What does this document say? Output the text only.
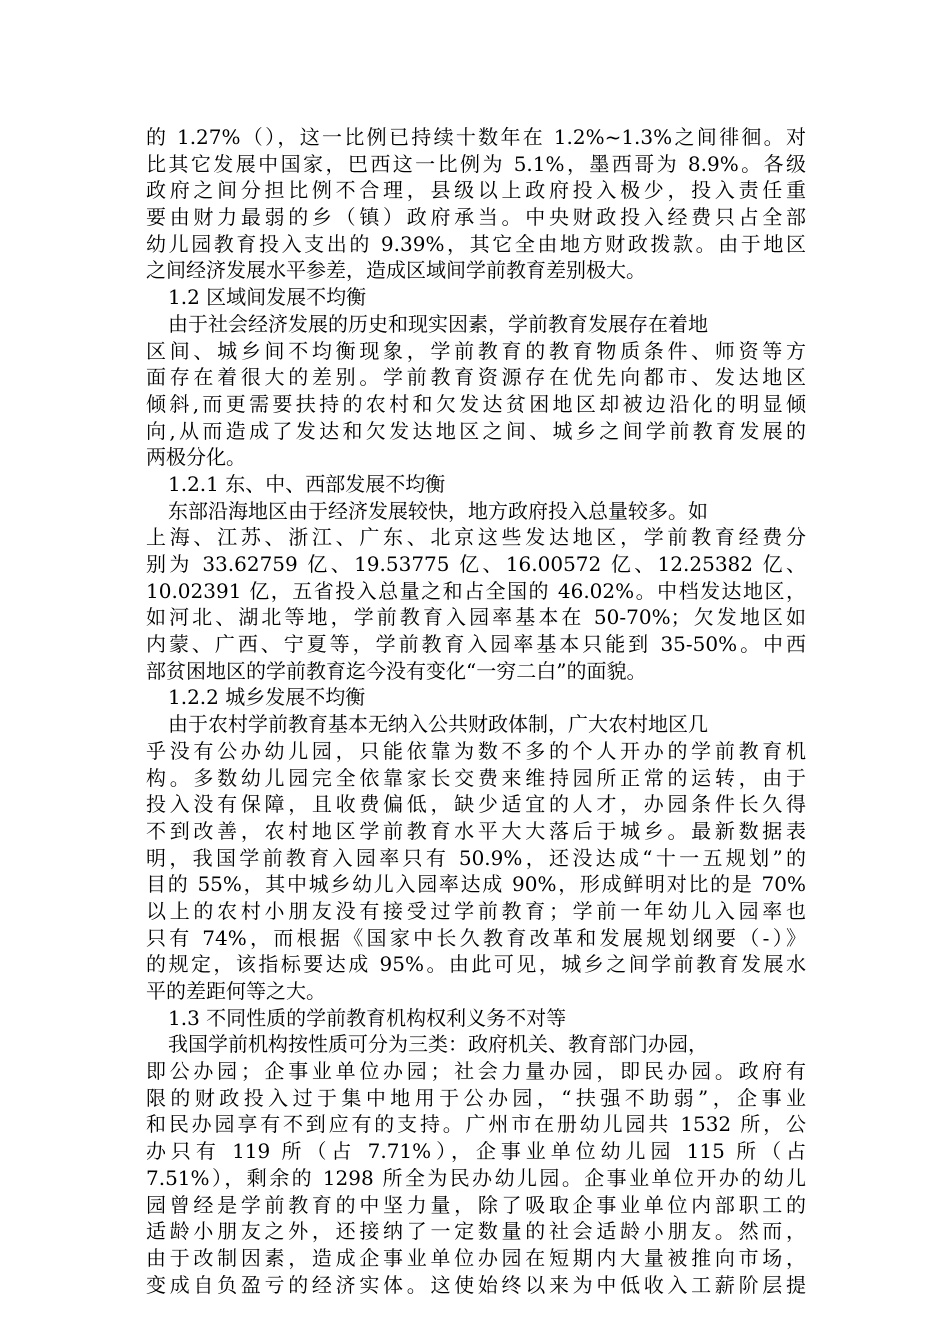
的 1.27%（），这一比例已持续十数年在 1.2%~1.3%之间徘徊。对
比其它发展中国家，巴西这一比例为 5.1%，墨西哥为 8.9%。各级
政府之间分担比例不合理，县级以上政府投入极少，投入责任重
要由财力最弱的乡（镇）政府承当。中央财政投入经费只占全部
幼儿园教育投入支出的 9.39%，其它全由地方财政拨款。由于地区
之间经济发展水平参差，造成区域间学前教育差别极大。
1.2 区域间发展不均衡
由于社会经济发展的历史和现实因素，学前教育发展存在着地
区间、城乡间不均衡现象，学前教育的教育物质条件、师资等方
面存在着很大的差别。学前教育资源存在优先向都市、发达地区
倾斜,而更需要扶持的农村和欠发达贫困地区却被边沿化的明显倾
向,从而造成了发达和欠发达地区之间、城乡之间学前教育发展的
两极分化。
1.2.1 东、中、西部发展不均衡
东部沿海地区由于经济发展较快，地方政府投入总量较多。如
上海、江苏、浙江、广东、北京这些发达地区，学前教育经费分
别为 33.62759 亿、19.53775 亿、16.00572 亿、12.25382 亿、
10.02391 亿，五省投入总量之和占全国的 46.02%。中档发达地区，
如河北、湖北等地，学前教育入园率基本在 50-70%；欠发地区如
内蒙、广西、宁夏等，学前教育入园率基本只能到 35-50%。中西
部贫困地区的学前教育迄今没有变化“一穷二白”的面貌。
1.2.2 城乡发展不均衡
由于农村学前教育基本无纳入公共财政体制，广大农村地区几
乎没有公办幼儿园，只能依靠为数不多的个人开办的学前教育机
构。多数幼儿园完全依靠家长交费来维持园所正常的运转，由于
投入没有保障，且收费偏低，缺少适宜的人才，办园条件长久得
不到改善，农村地区学前教育水平大大落后于城乡。最新数据表
明，我国学前教育入园率只有 50.9%，还没达成“十一五规划”的
目的 55%，其中城乡幼儿入园率达成 90%，形成鲜明对比的是 70%
以上的农村小朋友没有接受过学前教育；学前一年幼儿入园率也
只有 74%，而根据《国家中长久教育改革和发展规划纲要（-）》
的规定，该指标要达成 95%。由此可见，城乡之间学前教育发展水
平的差距何等之大。
1.3 不同性质的学前教育机构权利义务不对等
我国学前机构按性质可分为三类：政府机关、教育部门办园，
即公办园；企事业单位办园；社会力量办园，即民办园。政府有
限的财政投入过于集中地用于公办园，“扶强不助弱”，企事业
和民办园享有不到应有的支持。广州市在册幼儿园共 1532 所，公
办只有 119 所（占 7.71%），企事业单位幼儿园 115 所（占
7.51%），剩余的 1298 所全为民办幼儿园。企事业单位开办的幼儿
园曾经是学前教育的中坚力量，除了吸取企事业单位内部职工的
适龄小朋友之外，还接纳了一定数量的社会适龄小朋友。然而，
由于改制因素，造成企事业单位办园在短期内大量被推向市场，
变成自负盈亏的经济实体。这使始终以来为中低收入工薪阶层提
